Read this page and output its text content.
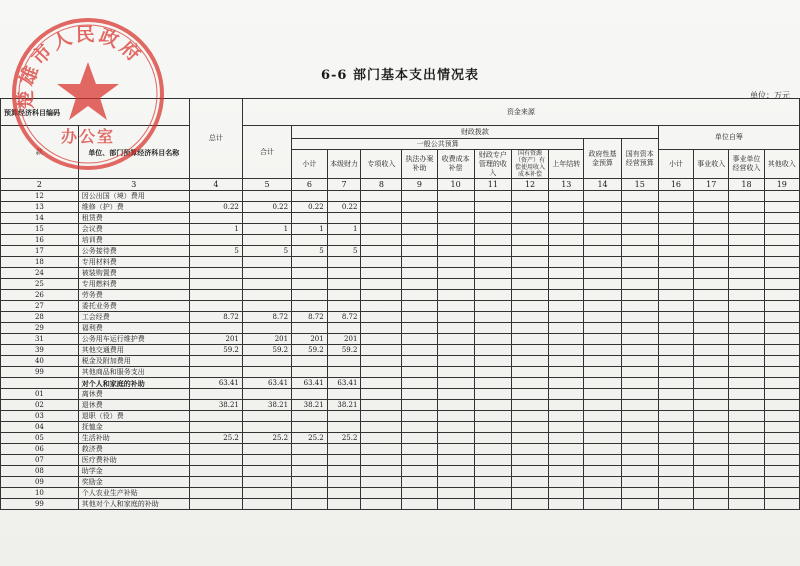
6-6 部门基本支出情况表
单位：万元
预算经济科目编码		总计	资金来源														
款	单位、部门预算经济科目名称		合计	财政拨款										单位自筹			
				一般公共预算								政府性基金预算	国有资本经营预算				
				小计	本级财力	专项收入	执法办案补助	收费成本补偿	财政专户管理的收入	国有资源（资产）有偿使用收入成本补偿	上年结转			小计	事业收入	事业单位经营收入	其他收入
2	3	4	5	6	7	8	9	10	11	12	13	14	15	16	17	18	19
12	因公出国（境）费用																
13	维修（护）费	0.22	0.22	0.22	0.22												
14	租赁费																
15	会议费	1	1	1	1												
16	培训费																
17	公务接待费	5	5	5	5												
18	专用材料费																
24	被装购置费																
25	专用燃料费																
26	劳务费																
27	委托业务费																
28	工会经费	8.72	8.72	8.72	8.72												
29	福利费																
31	公务用车运行维护费	201	201	201	201												
39	其他交通费用	59.2	59.2	59.2	59.2												
40	税金及附加费用																
99	其他商品和服务支出																
	对个人和家庭的补助	63.41	63.41	63.41	63.41												
01	离休费																
02	退休费	38.21	38.21	38.21	38.21												
03	退职（役）费																
04	抚恤金																
05	生活补助	25.2	25.2	25.2	25.2												
06	救济费																
07	医疗费补助																
08	助学金																
09	奖励金																
10	个人农业生产补贴																
99	其他对个人和家庭的补助																
楚雄市人民政府
办公室
